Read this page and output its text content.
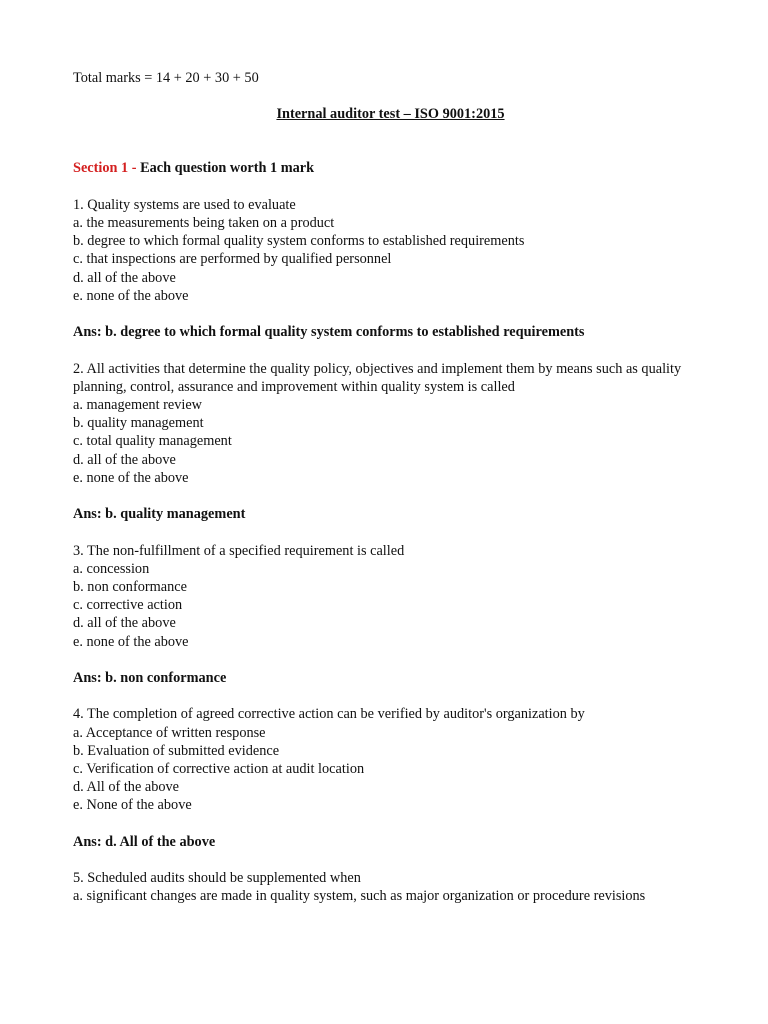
Total marks = 14 + 20 + 30 + 50
Internal auditor test – ISO 9001:2015
Section 1 - Each question worth 1 mark
1. Quality systems are used to evaluate
a. the measurements being taken on a product
b. degree to which formal quality system conforms to established requirements
c. that inspections are performed by qualified personnel
d. all of the above
e. none of the above
Ans: b. degree to which formal quality system conforms to established requirements
2. All activities that determine the quality policy, objectives and implement them by means such as quality planning, control, assurance and improvement within quality system is called
a. management review
b. quality management
c. total quality management
d. all of the above
e. none of the above
Ans: b. quality management
3. The non-fulfillment of a specified requirement is called
a. concession
b. non conformance
c. corrective action
d. all of the above
e. none of the above
Ans: b. non conformance
4. The completion of agreed corrective action can be verified by auditor's organization by
a. Acceptance of written response
b. Evaluation of submitted evidence
c. Verification of corrective action at audit location
d. All of the above
e. None of the above
Ans: d. All of the above
5. Scheduled audits should be supplemented when
a. significant changes are made in quality system, such as major organization or procedure revisions
